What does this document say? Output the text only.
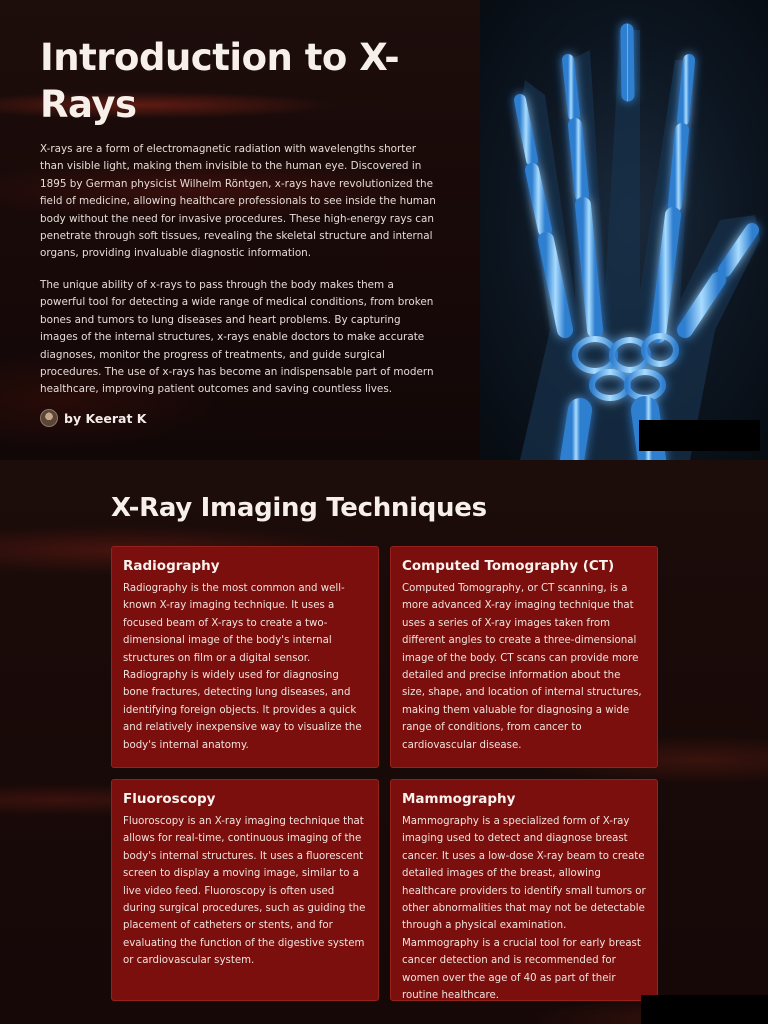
Introduction to X-Rays

X-rays are a form of electromagnetic radiation with wavelengths shorter than visible light, making them invisible to the human eye. Discovered in 1895 by German physicist Wilhelm Röntgen, x-rays have revolutionized the field of medicine, allowing healthcare professionals to see inside the human body without the need for invasive procedures. These high-energy rays can penetrate through soft tissues, revealing the skeletal structure and internal organs, providing invaluable diagnostic information.

The unique ability of x-rays to pass through the body makes them a powerful tool for detecting a wide range of medical conditions, from broken bones and tumors to lung diseases and heart problems. By capturing images of the internal structures, x-rays enable doctors to make accurate diagnoses, monitor the progress of treatments, and guide surgical procedures. The use of x-rays has become an indispensable part of modern healthcare, improving patient outcomes and saving countless lives.

by Keerat K
X-Ray Imaging Techniques
Radiography

Radiography is the most common and well-known X-ray imaging technique. It uses a focused beam of X-rays to create a two-dimensional image of the body's internal structures on film or a digital sensor. Radiography is widely used for diagnosing bone fractures, detecting lung diseases, and identifying foreign objects. It provides a quick and relatively inexpensive way to visualize the body's internal anatomy.

Computed Tomography (CT)

Computed Tomography, or CT scanning, is a more advanced X-ray imaging technique that uses a series of X-ray images taken from different angles to create a three-dimensional image of the body. CT scans can provide more detailed and precise information about the size, shape, and location of internal structures, making them valuable for diagnosing a wide range of conditions, from cancer to cardiovascular disease.

Fluoroscopy

Fluoroscopy is an X-ray imaging technique that allows for real-time, continuous imaging of the body's internal structures. It uses a fluorescent screen to display a moving image, similar to a live video feed. Fluoroscopy is often used during surgical procedures, such as guiding the placement of catheters or stents, and for evaluating the function of the digestive system or cardiovascular system.

Mammography

Mammography is a specialized form of X-ray imaging used to detect and diagnose breast cancer. It uses a low-dose X-ray beam to create detailed images of the breast, allowing healthcare providers to identify small tumors or other abnormalities that may not be detectable through a physical examination. Mammography is a crucial tool for early breast cancer detection and is recommended for women over the age of 40 as part of their routine healthcare.
